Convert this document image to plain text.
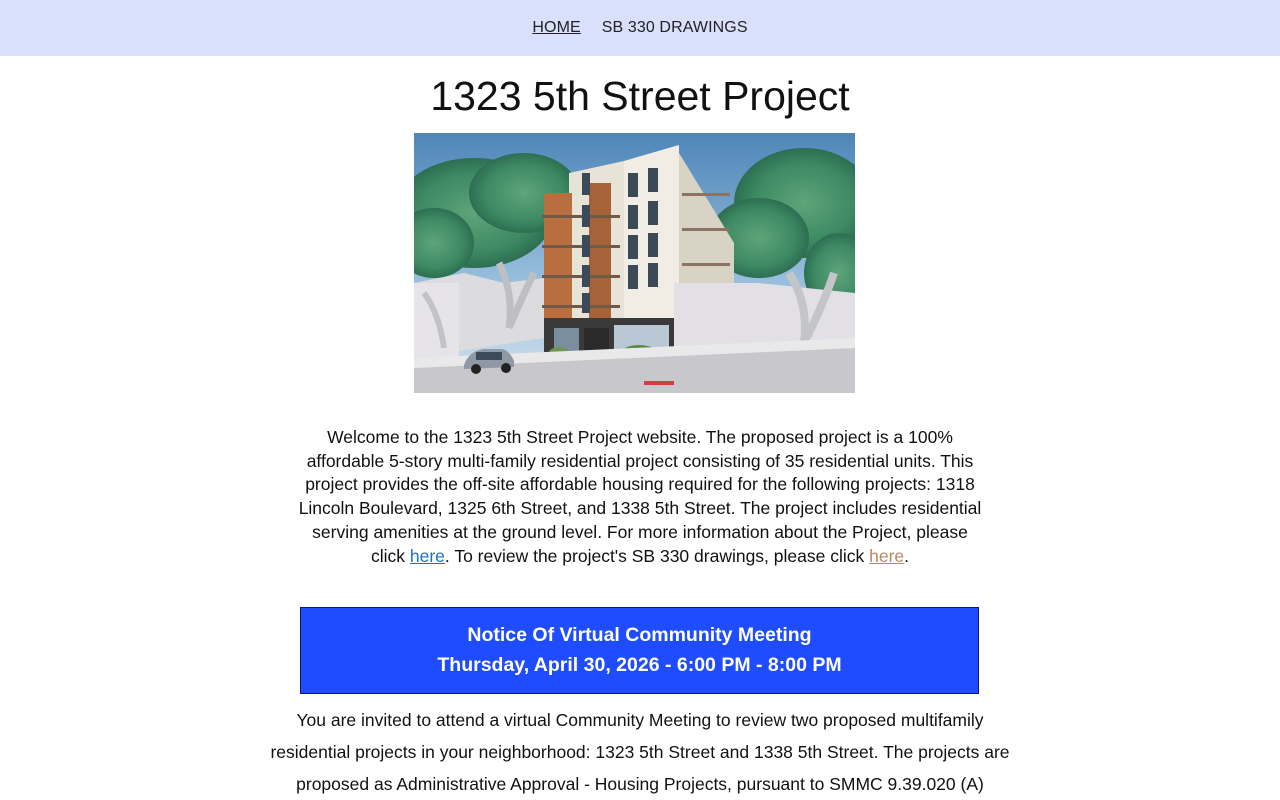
HOME SB 330 DRAWINGS
1323 5th Street Project
Welcome to the 1323 5th Street Project website. The proposed project is a 100% affordable 5-story multi-family residential project consisting of 35 residential units. This project provides the off-site affordable housing required for the following projects: 1318 Lincoln Boulevard, 1325 6th Street, and 1338 5th Street. The project includes residential serving amenities at the ground level. For more information about the Project, please click here. To review the project's SB 330 drawings, please click here.
Notice Of Virtual Community Meeting
Thursday, April 30, 2026 - 6:00 PM - 8:00 PM
You are invited to attend a virtual Community Meeting to review two proposed multifamily residential projects in your neighborhood: 1323 5th Street and 1338 5th Street. The projects are proposed as Administrative Approval - Housing Projects, pursuant to SMMC 9.39.020 (A)
